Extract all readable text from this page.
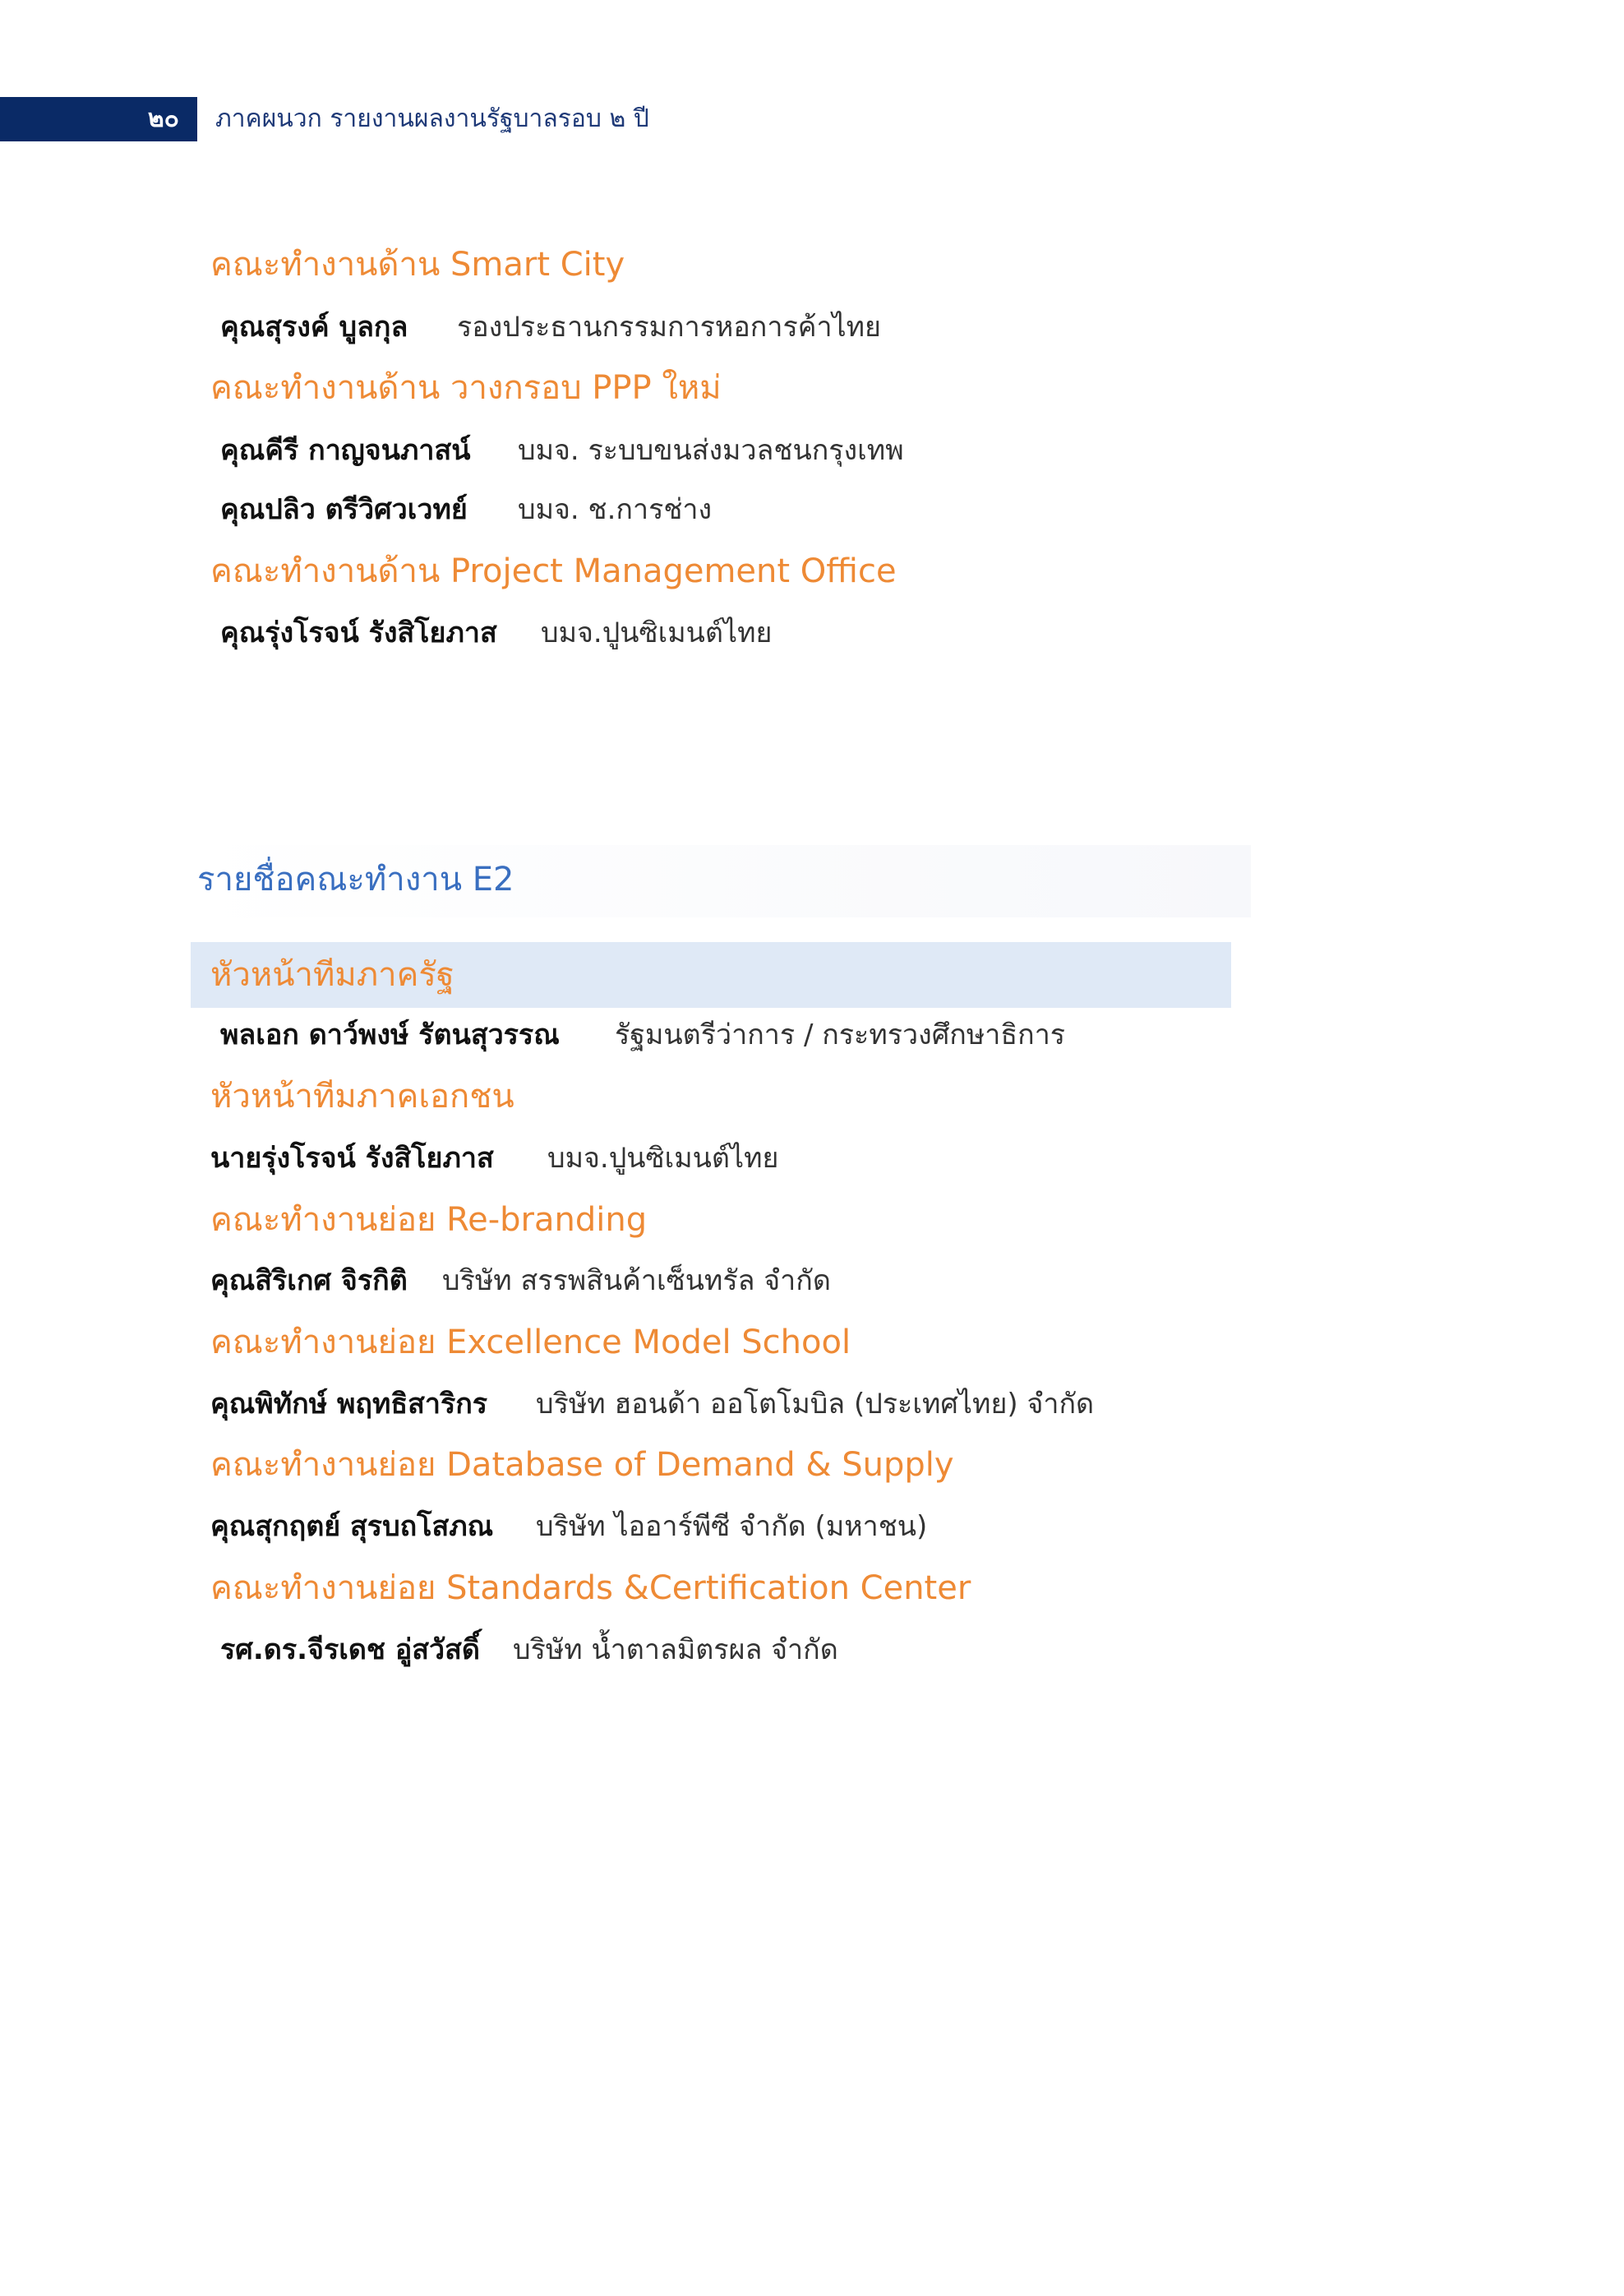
๒๐ ภาคผนวก รายงานผลงานรัฐบาลรอบ ๒ ปี
คณะทำงานด้าน Smart City
คุณสุรงค์ บูลกุล รองประธานกรรมการหอการค้าไทย
คณะทำงานด้าน วางกรอบ PPP ใหม่
คุณคีรี กาญจนภาสน์ บมจ. ระบบขนส่งมวลชนกรุงเทพ
คุณปลิว ตรีวิศวเวทย์ บมจ. ช.การช่าง
คณะทำงานด้าน Project Management Office
คุณรุ่งโรจน์ รังสิโยภาส บมจ.ปูนซิเมนต์ไทย
รายชื่อคณะทำงาน E2
หัวหน้าทีมภาครัฐ
พลเอก ดาว์พงษ์ รัตนสุวรรณ รัฐมนตรีว่าการ / กระทรวงศึกษาธิการ
หัวหน้าทีมภาคเอกชน
นายรุ่งโรจน์ รังสิโยภาส บมจ.ปูนซิเมนต์ไทย
คณะทำงานย่อย Re-branding
คุณสิริเกศ จิรกิติ บริษัท สรรพสินค้าเซ็นทรัล จำกัด
คณะทำงานย่อย Excellence Model School
คุณพิทักษ์ พฤทธิสาริกร บริษัท ฮอนด้า ออโตโมบิล (ประเทศไทย) จำกัด
คณะทำงานย่อย Database of Demand & Supply
คุณสุกฤตย์ สุรบถโสภณ บริษัท ไออาร์พีซี จำกัด (มหาชน)
คณะทำงานย่อย Standards &Certification Center
รศ.ดร.จีรเดช อู่สวัสดิ์ บริษัท น้ำตาลมิตรผล จำกัด
